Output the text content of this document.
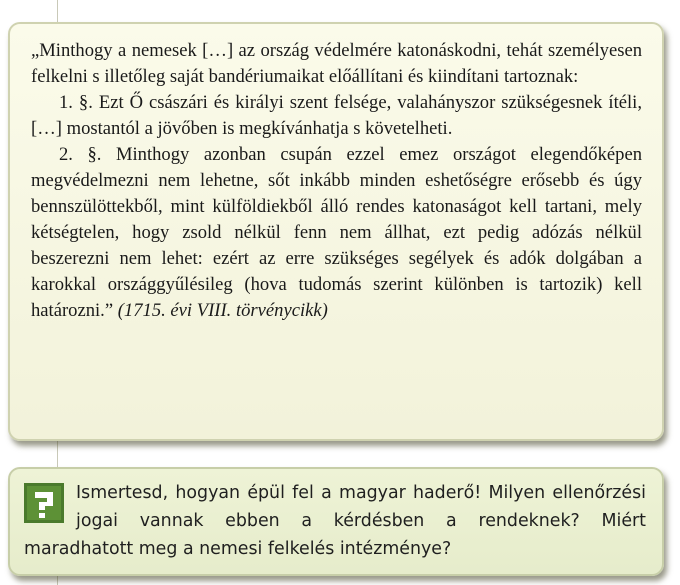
„Minthogy a nemesek […] az ország védelmére katonáskodni, tehát személyesen felkelni s illetőleg saját bandériumaikat előállítani és kiindítani tartoznak:

1. §. Ezt Ő császári és királyi szent felsége, valahányszor szükségesnek ítéli, […] mostantól a jövőben is megkívánhatja s követelheti.

2. §. Minthogy azonban csupán ezzel emez országot elegendőképen megvédelmezni nem lehetne, sőt inkább minden eshetőségre erősebb és úgy bennszülöttekből, mint külföldiekből álló rendes katonaságot kell tartani, mely kétségtelen, hogy zsold nélkül fenn nem állhat, ezt pedig adózás nélkül beszerezni nem lehet: ezért az erre szükséges segélyek és adók dolgában a karokkal országgyűlésileg (hova tudomás szerint különben is tartozik) kell határozni.” (1715. évi VIII. törvénycikk)

Ismertesd, hogyan épül fel a magyar haderő! Milyen ellenőrzési jogai vannak ebben a kérdésben a rendeknek? Miért maradhatott meg a nemesi felkelés intézménye?
